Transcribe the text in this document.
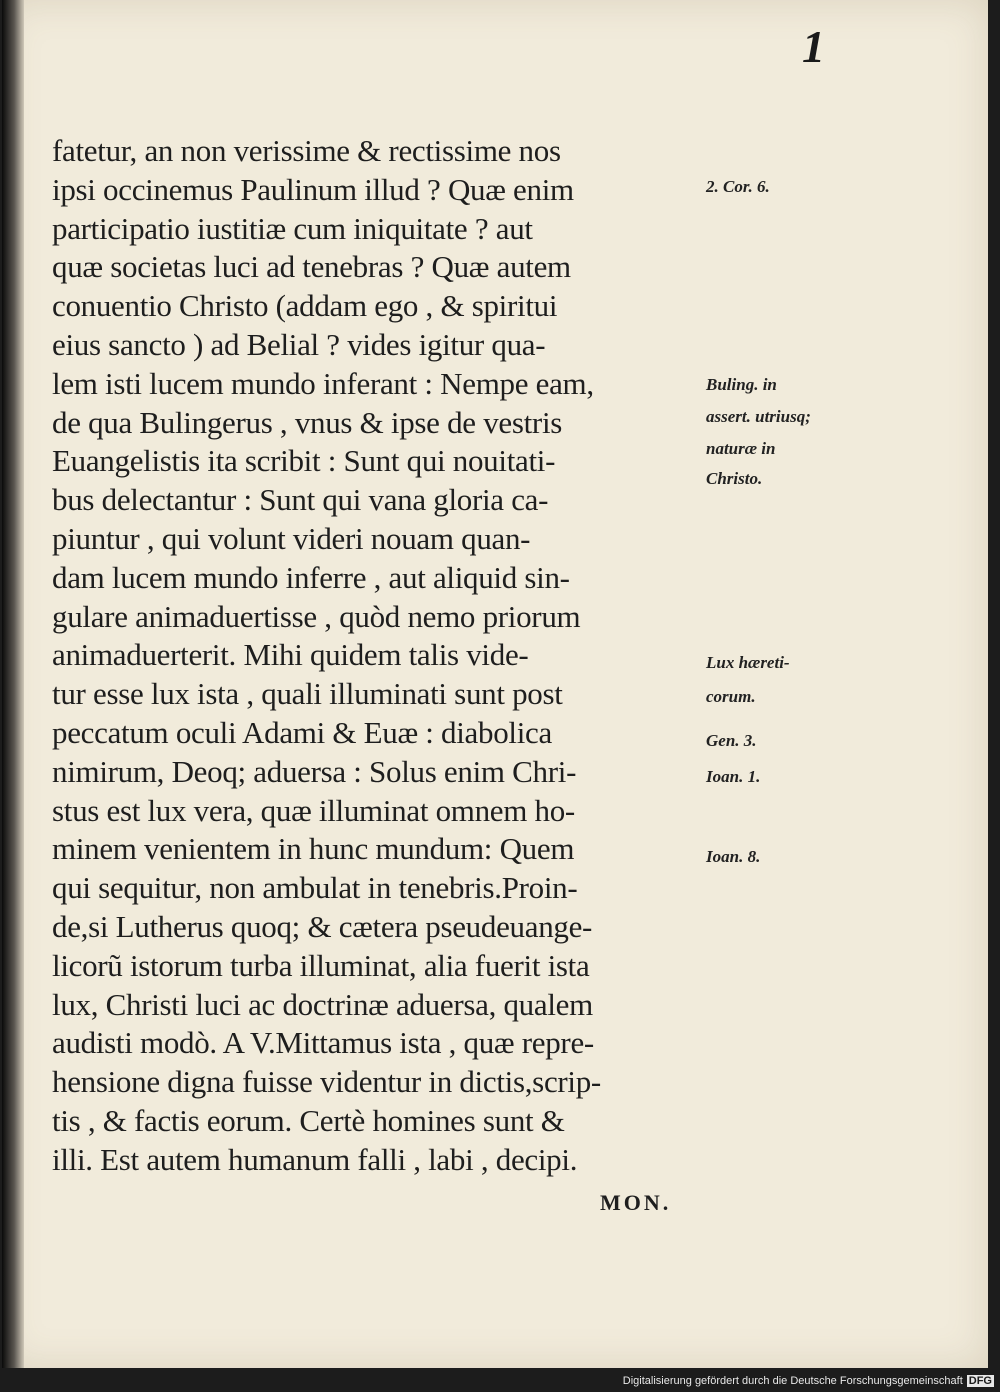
1
fatetur, an non verissime & rectissime nos
ipsi occinemus Paulinum illud ? Quæ enim
participatio iustitiæ cum iniquitate ? aut
quæ societas luci ad tenebras ? Quæ autem
conuentio Christo (addam ego , & spiritui
eius sancto ) ad Belial ? vides igitur qua-
lem isti lucem mundo inferant : Nempe eam,
de qua Bulingerus , vnus & ipse de vestris
Euangelistis ita scribit : Sunt qui nouitati-
bus delectantur : Sunt qui vana gloria ca-
piuntur , qui volunt videri nouam quan-
dam lucem mundo inferre , aut aliquid sin-
gulare animaduertisse , quòd nemo priorum
animaduerterit. Mihi quidem talis vide-
tur esse lux ista , quali illuminati sunt post
peccatum oculi Adami & Euæ : diabolica
nimirum, Deoq; aduersa : Solus enim Chri-
stus est lux vera, quæ illuminat omnem ho-
minem venientem in hunc mundum: Quem
qui sequitur, non ambulat in tenebris.Proin-
de,si Lutherus quoq; & cætera pseudeuange-
licorũ istorum turba illuminat, alia fuerit ista
lux, Christi luci ac doctrinæ aduersa, qualem
audisti modò. A V.Mittamus ista , quæ repre-
hensione digna fuisse videntur in dictis,scrip-
tis , & factis eorum. Certè homines sunt &
illi. Est autem humanum falli , labi , decipi.
2. Cor. 6.
Buling. in
assert. utriusq;
naturæ in
Christo.
Lux hæreti-
corum.
Gen. 3.
Ioan. 1.
Ioan. 8.
MON.
Digitalisierung gefördert durch die Deutsche Forschungsgemeinschaft DFG
